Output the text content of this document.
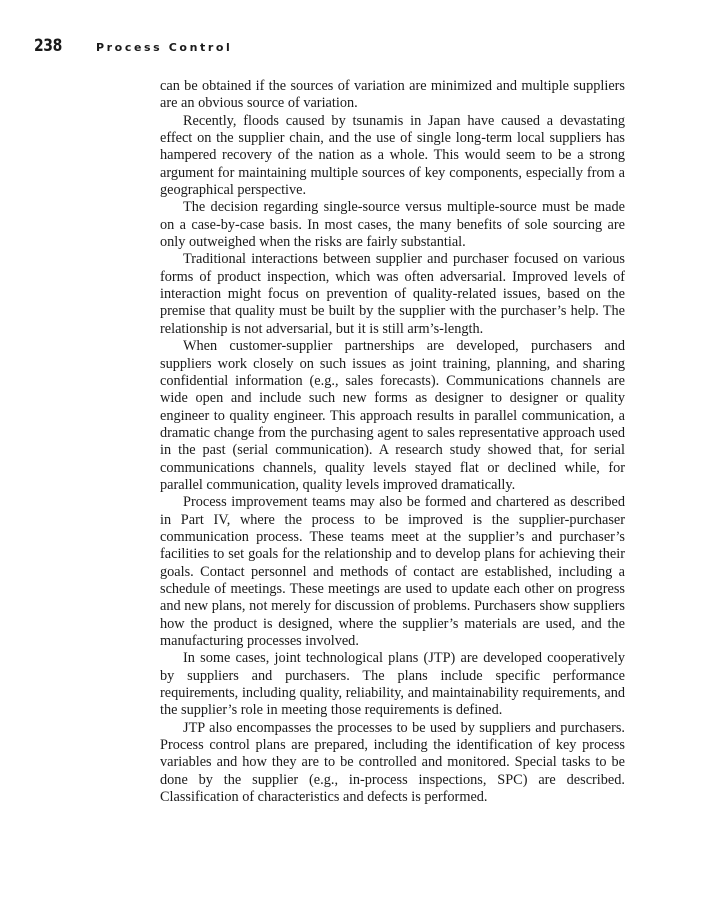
238	Process Control

can be obtained if the sources of variation are minimized and multiple suppliers are an obvious source of variation.

Recently, floods caused by tsunamis in Japan have caused a devastating effect on the supplier chain, and the use of single long-term local suppliers has hampered recovery of the nation as a whole. This would seem to be a strong argument for maintaining multiple sources of key components, especially from a geographical perspective.

The decision regarding single-source versus multiple-source must be made on a case-by-case basis. In most cases, the many benefits of sole sourcing are only outweighed when the risks are fairly substantial.

Traditional interactions between supplier and purchaser focused on various forms of product inspection, which was often adversarial. Improved levels of interaction might focus on prevention of quality-related issues, based on the premise that quality must be built by the supplier with the purchaser’s help. The relationship is not adversarial, but it is still arm’s-length.

When customer-supplier partnerships are developed, purchasers and suppliers work closely on such issues as joint training, planning, and sharing confidential information (e.g., sales forecasts). Communications channels are wide open and include such new forms as designer to designer or quality engineer to quality engineer. This approach results in parallel communication, a dramatic change from the purchasing agent to sales representative approach used in the past (serial communication). A research study showed that, for serial communications channels, quality levels stayed flat or declined while, for parallel communication, quality levels improved dramatically.

Process improvement teams may also be formed and chartered as described in Part IV, where the process to be improved is the supplier-purchaser communication process. These teams meet at the supplier’s and purchaser’s facilities to set goals for the relationship and to develop plans for achieving their goals. Contact personnel and methods of contact are established, including a schedule of meetings. These meetings are used to update each other on progress and new plans, not merely for discussion of problems. Purchasers show suppliers how the product is designed, where the supplier’s materials are used, and the manufacturing processes involved.

In some cases, joint technological plans (JTP) are developed cooperatively by suppliers and purchasers. The plans include specific performance requirements, including quality, reliability, and maintainability requirements, and the supplier’s role in meeting those requirements is defined.

JTP also encompasses the processes to be used by suppliers and purchasers. Process control plans are prepared, including the identification of key process variables and how they are to be controlled and monitored. Special tasks to be done by the supplier (e.g., in-process inspections, SPC) are described. Classification of characteristics and defects is performed.
